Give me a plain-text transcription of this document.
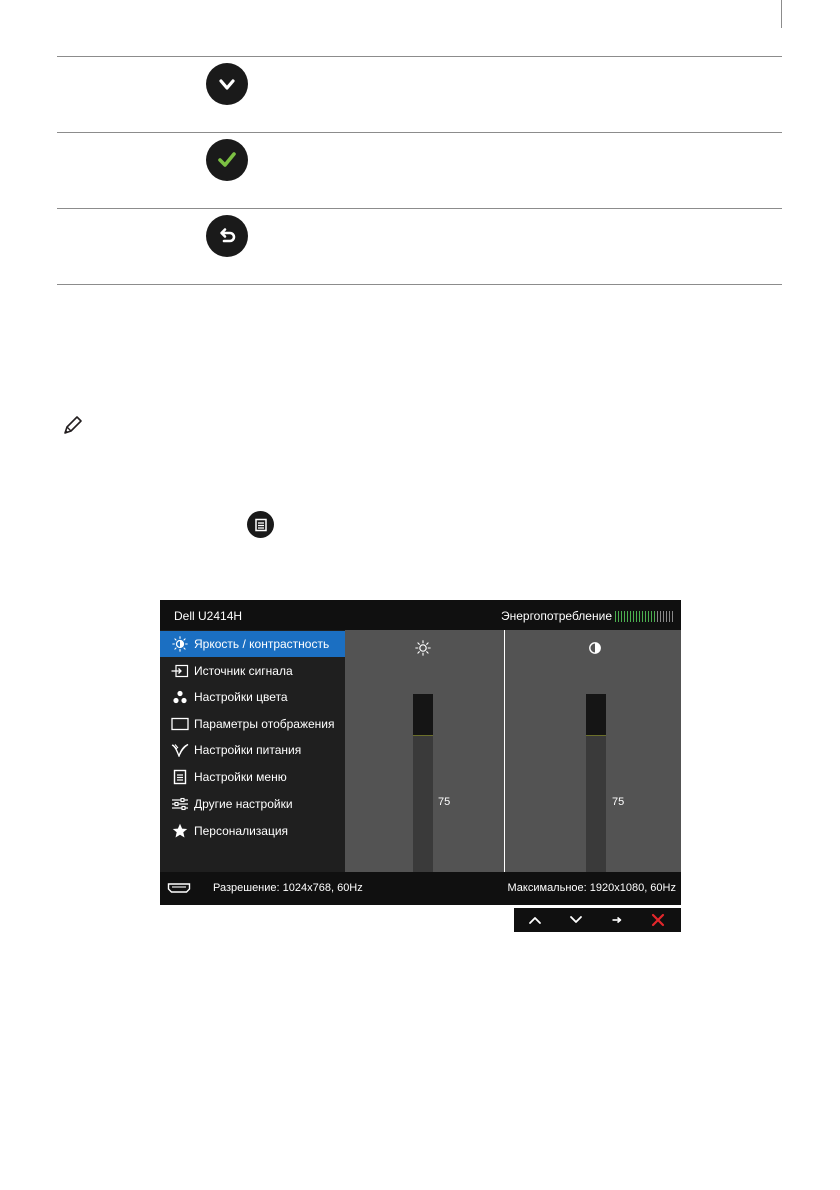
Dell U2414H	Энергопотребление
Яркость / контрастность
Источник сигнала
Настройки цвета
Параметры отображения
Настройки питания
Настройки меню
Другие настройки
Персонализация
75	75
Разрешение: 1024x768, 60Hz	Максимальное: 1920x1080, 60Hz
